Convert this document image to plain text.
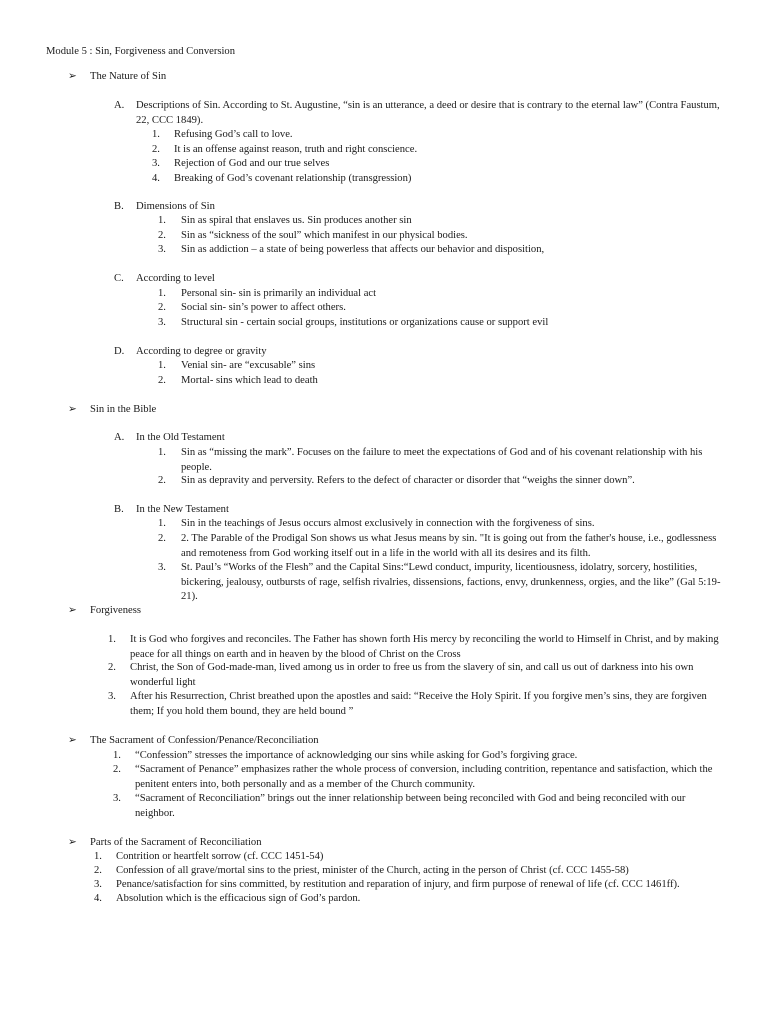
Module 5 : Sin, Forgiveness and Conversion
➢	The Nature of Sin
A. Descriptions of Sin. According to St. Augustine, “sin is an utterance, a deed or desire that is contrary to the eternal law” (Contra Faustum, 22, CCC 1849).
1. Refusing God’s call to love.
2. It is an offense against reason, truth and right conscience.
3. Rejection of God and our true selves
4. Breaking of God’s covenant relationship (transgression)
B. Dimensions of Sin
1. Sin as spiral that enslaves us. Sin produces another sin
2. Sin as “sickness of the soul” which manifest in our physical bodies.
3. Sin as addiction – a state of being powerless that affects our behavior and disposition,
C. According to level
1. Personal sin- sin is primarily an individual act
2. Social sin- sin’s power to affect others.
3. Structural sin - certain social groups, institutions or organizations cause or support evil
D. According to degree or gravity
1. Venial sin- are “excusable” sins
2. Mortal- sins which lead to death
➢	Sin in the Bible
A. In the Old Testament
1. Sin as “missing the mark”. Focuses on the failure to meet the expectations of God and of his covenant relationship with his people.
2. Sin as depravity and perversity. Refers to the defect of character or disorder that “weighs the sinner down”.
B. In the New Testament
1. Sin in the teachings of Jesus occurs almost exclusively in connection with the forgiveness of sins.
2. 2. The Parable of the Prodigal Son shows us what Jesus means by sin. "It is going out from the father's house, i.e., godlessness and remoteness from God working itself out in a life in the world with all its desires and its filth.
3. St. Paul’s “Works of the Flesh” and the Capital Sins:“Lewd conduct, impurity, licentiousness, idolatry, sorcery, hostilities, bickering, jealousy, outbursts of rage, selfish rivalries, dissensions, factions, envy, drunkenness, orgies, and the like” (Gal 5:19- 21).
➢	Forgiveness
1. It is God who forgives and reconciles. The Father has shown forth His mercy by reconciling the world to Himself in Christ, and by making peace for all things on earth and in heaven by the blood of Christ on the Cross
2. Christ, the Son of God-made-man, lived among us in order to free us from the slavery of sin, and call us out of darkness into his own wonderful light
3. After his Resurrection, Christ breathed upon the apostles and said: “Receive the Holy Spirit. If you forgive men’s sins, they are forgiven them; If you hold them bound, they are held bound ”
➢	The Sacrament of Confession/Penance/Reconciliation
1. “Confession” stresses the importance of acknowledging our sins while asking for God’s forgiving grace.
2. “Sacrament of Penance” emphasizes rather the whole process of conversion, including contrition, repentance and satisfaction, which the penitent enters into, both personally and as a member of the Church community.
3. “Sacrament of Reconciliation” brings out the inner relationship between being reconciled with God and being reconciled with our neighbor.
➢	Parts of the Sacrament of Reconciliation
1. Contrition or heartfelt sorrow (cf. CCC 1451-54)
2. Confession of all grave/mortal sins to the priest, minister of the Church, acting in the person of Christ (cf. CCC 1455-58)
3. Penance/satisfaction for sins committed, by restitution and reparation of injury, and firm purpose of renewal of life (cf. CCC 1461ff).
4. Absolution which is the efficacious sign of God’s pardon.
